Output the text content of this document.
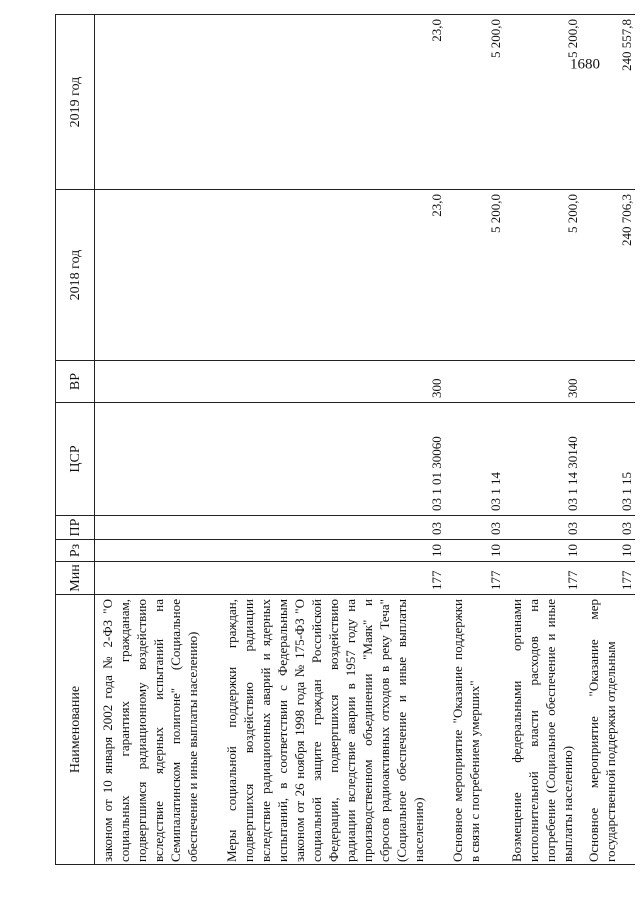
Наименование	Мин	Рз	ПР	ЦСР	ВР	2018 год	2019 год
законом от 10 января 2002 года № 2-ФЗ "О социальных гарантиях гражданам, подвергшимся радиационному воздействию вследствие ядерных испытаний на Семипалатинском полигоне" (Социальное обеспечение и иные выплаты населению)							
Меры социальной поддержки граждан, подвергшихся воздействию радиации вследствие радиационных аварий и ядерных испытаний, в соответствии с Федеральным законом от 26 ноября 1998 года № 175-ФЗ "О социальной защите граждан Российской Федерации, подвергшихся воздействию радиации вследствие аварии в 1957 году на производственном объединении "Маяк" и сбросов радиоактивных отходов в реку Теча" (Социальное обеспечение и иные выплаты населению)	177	10	03	03 1 01 30060	300	23,0	23,0
Основное мероприятие "Оказание поддержки в связи с погребением умерших"	177	10	03	03 1 14		5 200,0	5 200,0
Возмещение федеральными органами исполнительной власти расходов на погребение (Социальное обеспечение и иные выплаты населению)	177	10	03	03 1 14 30140	300	5 200,0	5 200,0
Основное мероприятие "Оказание мер государственной поддержки отдельным	177	10	03	03 1 15		240 706,3	240 557,8
1680
